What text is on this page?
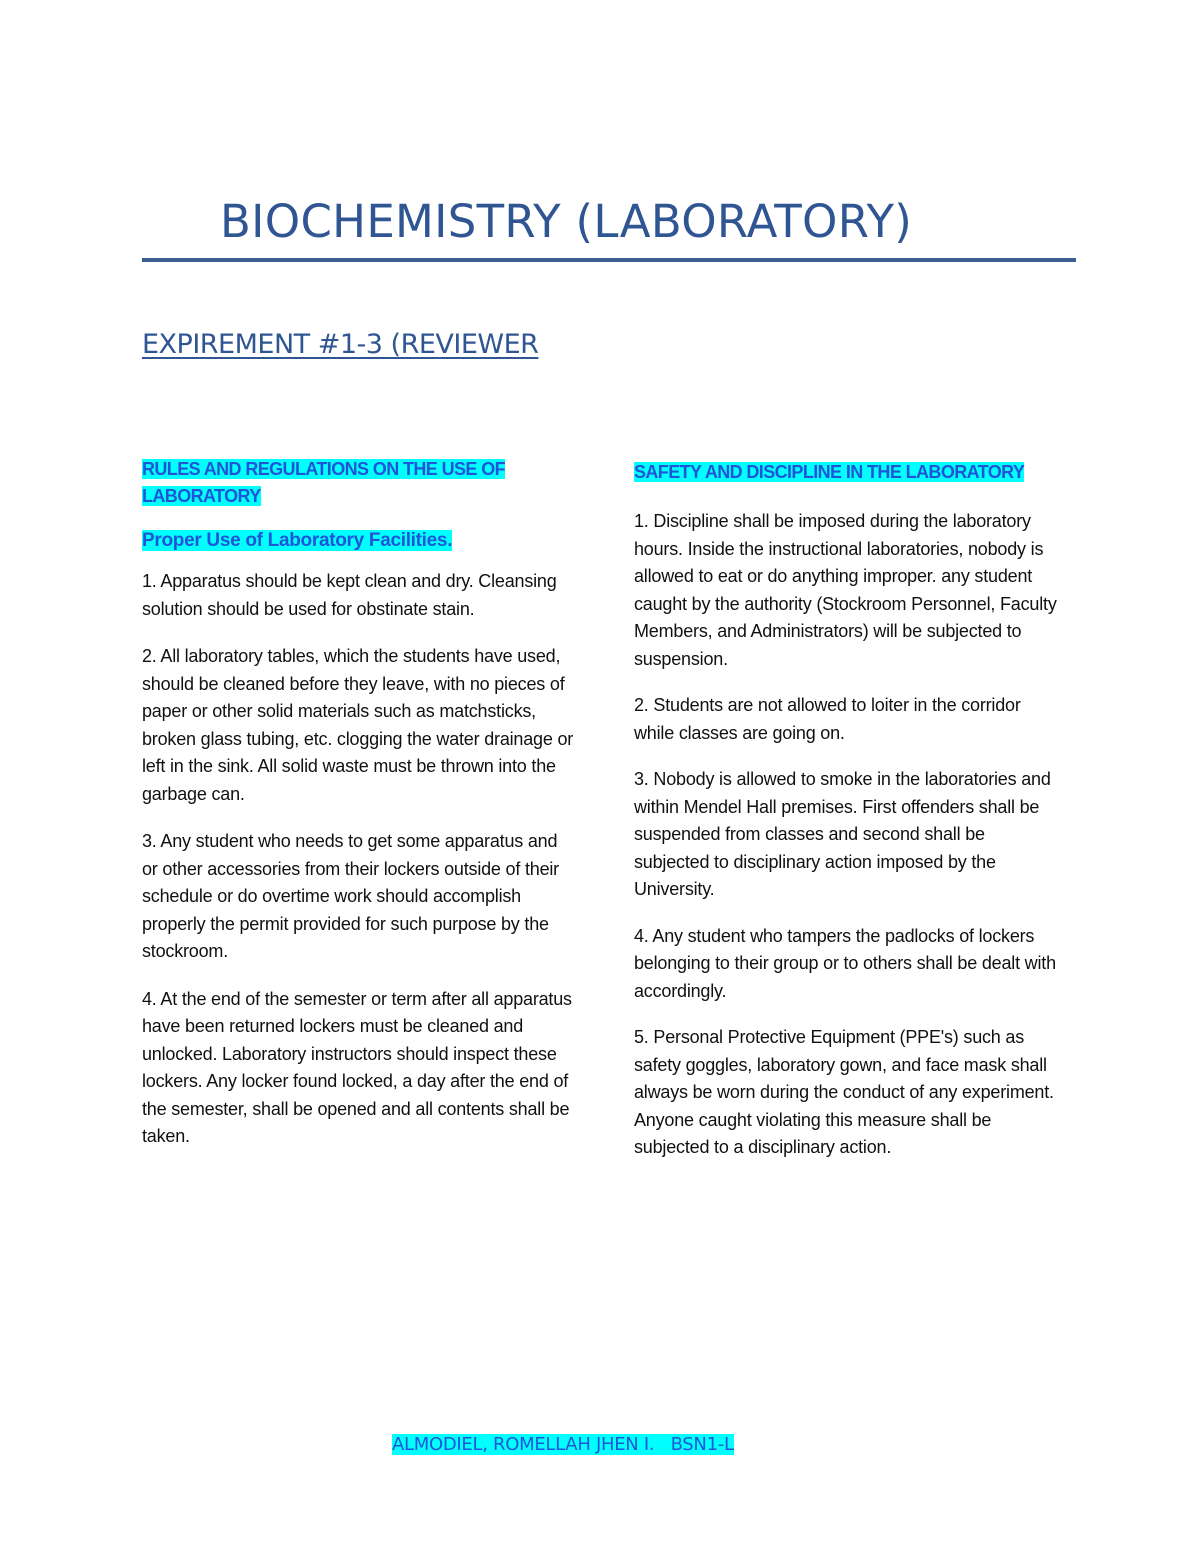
BIOCHEMISTRY (LABORATORY)
EXPIREMENT #1-3 (REVIEWER
RULES AND REGULATIONS ON THE USE OF LABORATORY
Proper Use of Laboratory Facilities.

1. Apparatus should be kept clean and dry. Cleansing solution should be used for obstinate stain.

2. All laboratory tables, which the students have used, should be cleaned before they leave, with no pieces of paper or other solid materials such as matchsticks, broken glass tubing, etc. clogging the water drainage or left in the sink. All solid waste must be thrown into the garbage can.

3. Any student who needs to get some apparatus and or other accessories from their lockers outside of their schedule or do overtime work should accomplish properly the permit provided for such purpose by the stockroom.

4. At the end of the semester or term after all apparatus have been returned lockers must be cleaned and unlocked. Laboratory instructors should inspect these lockers. Any locker found locked, a day after the end of the semester, shall be opened and all contents shall be taken.

SAFETY AND DISCIPLINE IN THE LABORATORY

1. Discipline shall be imposed during the laboratory hours. Inside the instructional laboratories, nobody is allowed to eat or do anything improper. any student caught by the authority (Stockroom Personnel, Faculty Members, and Administrators) will be subjected to suspension.

2. Students are not allowed to loiter in the corridor while classes are going on.

3. Nobody is allowed to smoke in the laboratories and within Mendel Hall premises. First offenders shall be suspended from classes and second shall be subjected to disciplinary action imposed by the University.

4. Any student who tampers the padlocks of lockers belonging to their group or to others shall be dealt with accordingly.

5. Personal Protective Equipment (PPE's) such as safety goggles, laboratory gown, and face mask shall always be worn during the conduct of any experiment. Anyone caught violating this measure shall be subjected to a disciplinary action.

ALMODIEL, ROMELLAH JHEN I.   BSN1-L
